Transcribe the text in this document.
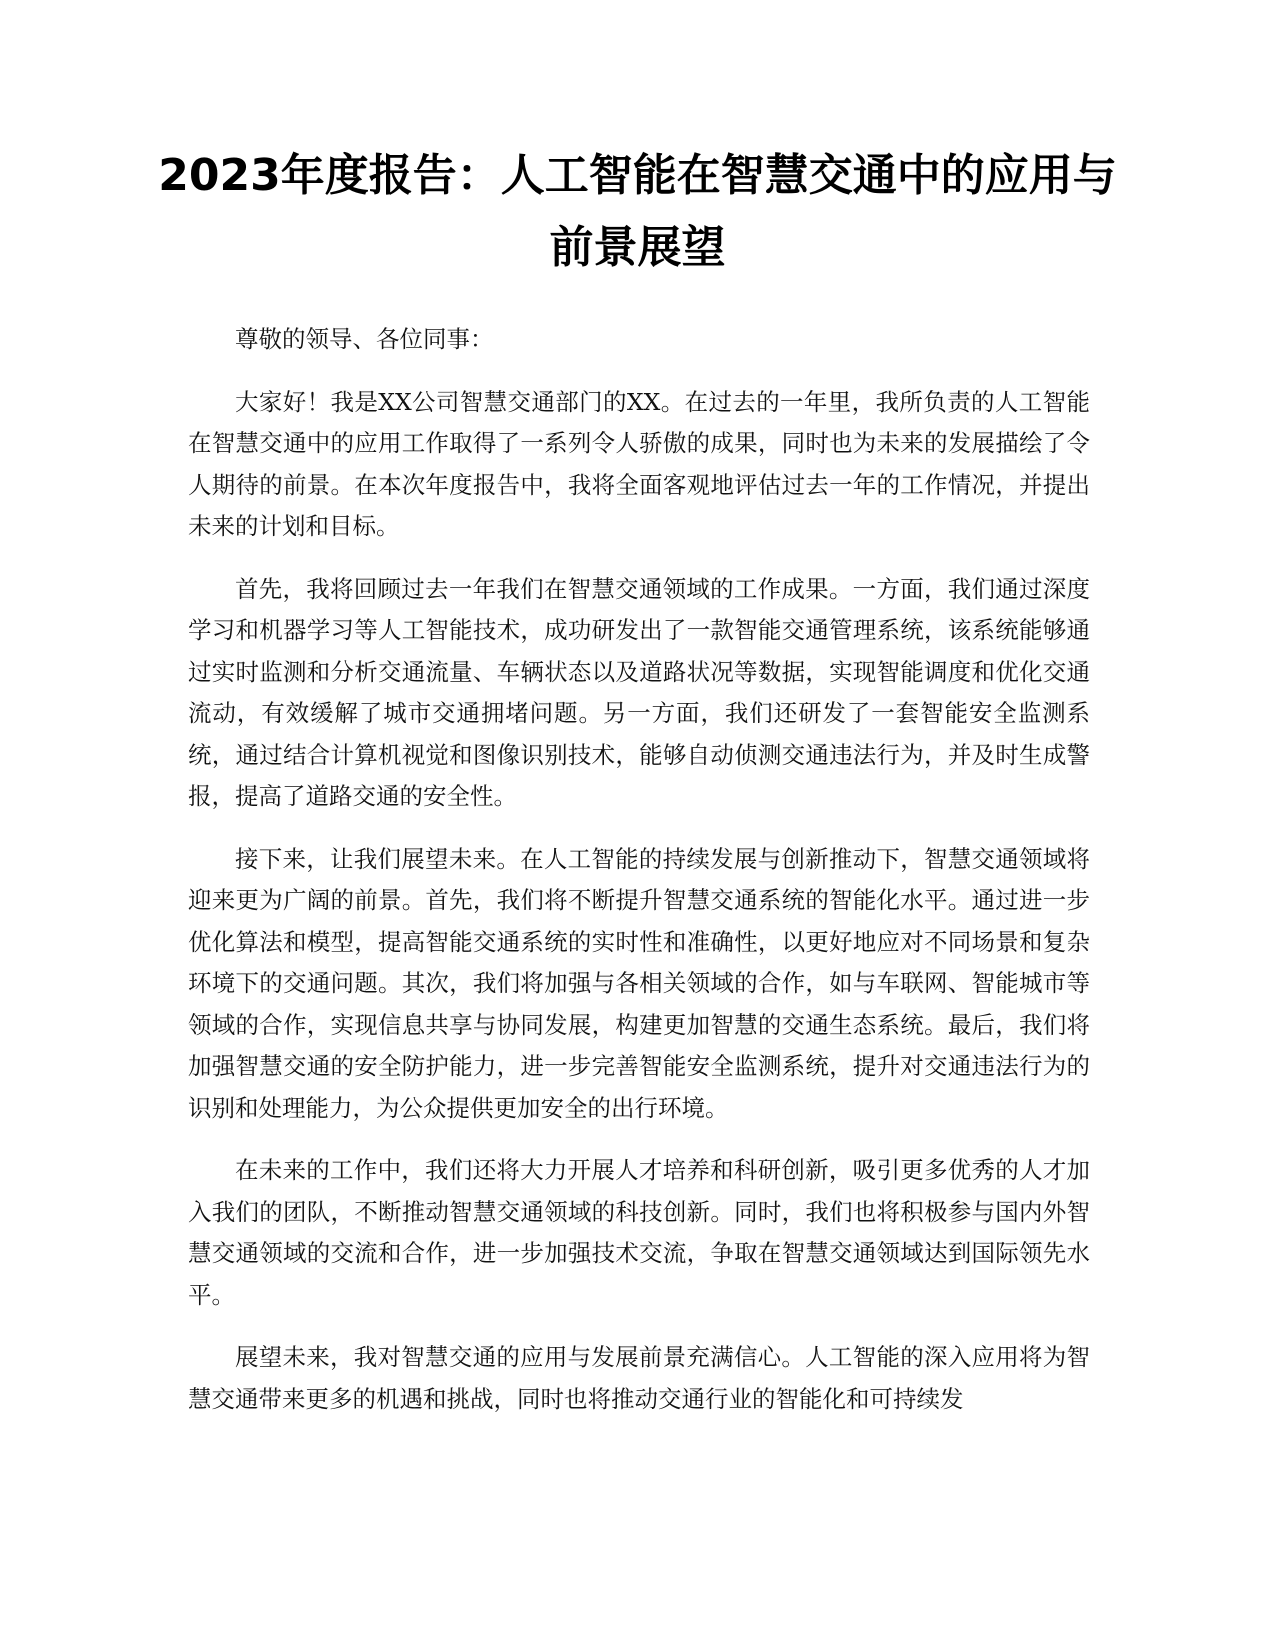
2023年度报告：人工智能在智慧交通中的应用与前景展望

尊敬的领导、各位同事：

大家好！我是XX公司智慧交通部门的XX。在过去的一年里，我所负责的人工智能在智慧交通中的应用工作取得了一系列令人骄傲的成果，同时也为未来的发展描绘了令人期待的前景。在本次年度报告中，我将全面客观地评估过去一年的工作情况，并提出未来的计划和目标。

首先，我将回顾过去一年我们在智慧交通领域的工作成果。一方面，我们通过深度学习和机器学习等人工智能技术，成功研发出了一款智能交通管理系统，该系统能够通过实时监测和分析交通流量、车辆状态以及道路状况等数据，实现智能调度和优化交通流动，有效缓解了城市交通拥堵问题。另一方面，我们还研发了一套智能安全监测系统，通过结合计算机视觉和图像识别技术，能够自动侦测交通违法行为，并及时生成警报，提高了道路交通的安全性。

接下来，让我们展望未来。在人工智能的持续发展与创新推动下，智慧交通领域将迎来更为广阔的前景。首先，我们将不断提升智慧交通系统的智能化水平。通过进一步优化算法和模型，提高智能交通系统的实时性和准确性，以更好地应对不同场景和复杂环境下的交通问题。其次，我们将加强与各相关领域的合作，如与车联网、智能城市等领域的合作，实现信息共享与协同发展，构建更加智慧的交通生态系统。最后，我们将加强智慧交通的安全防护能力，进一步完善智能安全监测系统，提升对交通违法行为的识别和处理能力，为公众提供更加安全的出行环境。

在未来的工作中，我们还将大力开展人才培养和科研创新，吸引更多优秀的人才加入我们的团队，不断推动智慧交通领域的科技创新。同时，我们也将积极参与国内外智慧交通领域的交流和合作，进一步加强技术交流，争取在智慧交通领域达到国际领先水平。

展望未来，我对智慧交通的应用与发展前景充满信心。人工智能的深入应用将为智慧交通带来更多的机遇和挑战，同时也将推动交通行业的智能化和可持续发
